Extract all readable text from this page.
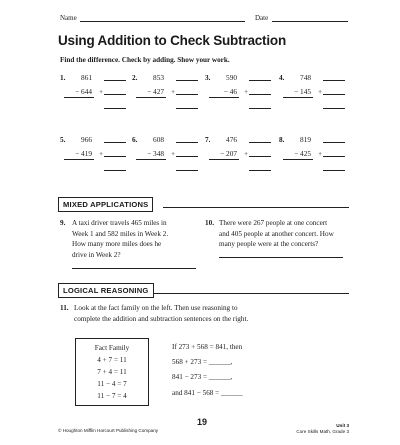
Name	Date
Using Addition to Check Subtraction
Find the difference. Check by adding. Show your work.
1.	861
− 644 +
2.	853
− 427 +
3.	590
− 46 +
4.	748
− 145 +
5.	966
− 419 +
6.	608
− 348 +
7.	476
− 207 +
8.	819
− 425 +
MIXED APPLICATIONS
9. A taxi driver travels 465 miles in
Week 1 and 582 miles in Week 2.
How many more miles does he
drive in Week 2?
10. There were 267 people at one concert
and 405 people at another concert. How
many people were at the concerts?
LOGICAL REASONING
11. Look at the fact family on the left. Then use reasoning to
complete the addition and subtraction sentences on the right.
Fact Family
4 + 7 = 11
7 + 4 = 11
11 − 4 = 7
11 − 7 = 4
If 273 + 568 = 841, then
568 + 273 = ______,
841 − 273 = ______,
and 841 − 568 = ______
19
© Houghton Mifflin Harcourt Publishing Company
Unit 3
Core Skills Math, Grade 3
